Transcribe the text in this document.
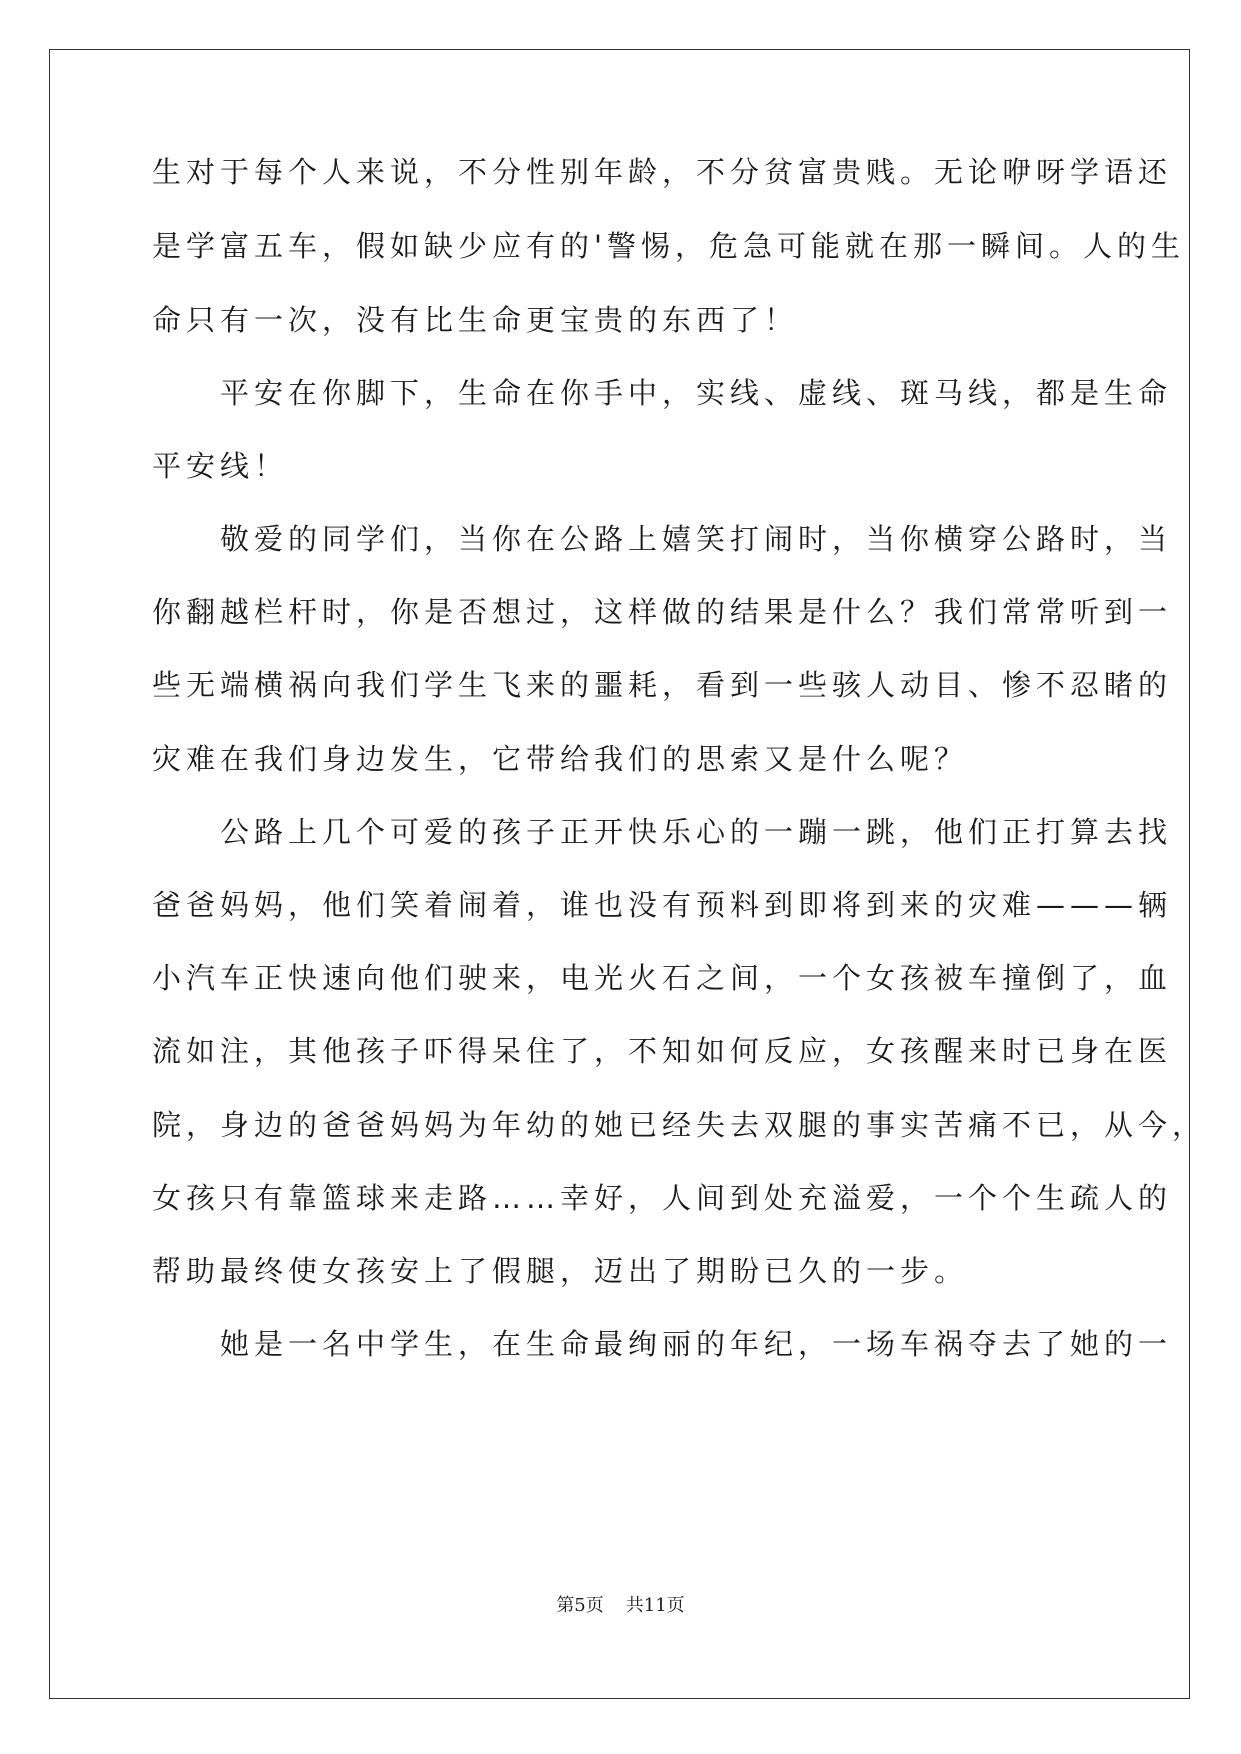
生对于每个人来说，不分性别年龄，不分贫富贵贱。无论咿呀学语还
是学富五车，假如缺少应有的'警惕，危急可能就在那一瞬间。人的生
命只有一次，没有比生命更宝贵的东西了！
　　平安在你脚下，生命在你手中，实线、虚线、斑马线，都是生命
平安线！
　　敬爱的同学们，当你在公路上嬉笑打闹时，当你横穿公路时，当
你翻越栏杆时，你是否想过，这样做的结果是什么？我们常常听到一
些无端横祸向我们学生飞来的噩耗，看到一些骇人动目、惨不忍睹的
灾难在我们身边发生，它带给我们的思索又是什么呢？
　　公路上几个可爱的孩子正开快乐心的一蹦一跳，他们正打算去找
爸爸妈妈，他们笑着闹着，谁也没有预料到即将到来的灾难———辆
小汽车正快速向他们驶来，电光火石之间，一个女孩被车撞倒了，血
流如注，其他孩子吓得呆住了，不知如何反应，女孩醒来时已身在医
院，身边的爸爸妈妈为年幼的她已经失去双腿的事实苦痛不已，从今，
女孩只有靠篮球来走路……幸好，人间到处充溢爱，一个个生疏人的
帮助最终使女孩安上了假腿，迈出了期盼已久的一步。
　　她是一名中学生，在生命最绚丽的年纪，一场车祸夺去了她的一
第5页 共11页
